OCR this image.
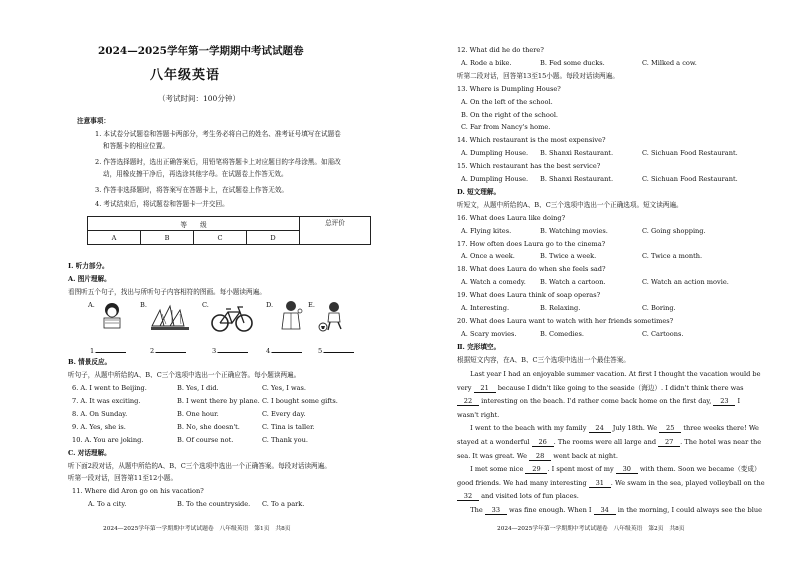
2024—2025学年第一学期期中考试试题卷
八年级英语
（考试时间：100分钟）
注意事项：
1. 本试卷分试题卷和答题卡两部分，考生务必将自己的姓名、准考证号填写在试题卷
和答题卡的相应位置。
2. 作答选择题时，选出正确答案后，用铅笔将答题卡上对应题目的字母涂黑。如需改
动，用橡皮擦干净后，再选涂其他字母。在试题卷上作答无效。
3. 作答非选择题时，将答案写在答题卡上，在试题卷上作答无效。
4. 考试结束后，将试题卷和答题卡一并交回。
等　　级				总评价
A	B	C	D	
Ⅰ. 听力部分。
A. 图片理解。
看图听五个句子，找出与所听句子内容相符的图画。每小题读两遍。
A.	B.	C.	D.	E.
1.	2.	3.	4.	5.
B. 情景反应。
听句子，从题中所给的A、B、C三个选项中选出一个正确应答。每小题读两遍。
6. A. I went to Beijing.	B. Yes, I did.	C. Yes, I was.
7. A. It was exciting.	B. I went there by plane. C. I bought some gifts.
8. A. On Sunday.	B. One hour.	C. Every day.
9. A. Yes, she is.	B. No, she doesn't.	C. Tina is taller.
10. A. You are joking.	B. Of course not.	C. Thank you.
C. 对话理解。
听下面2段对话，从题中所给的A、B、C三个选项中选出一个正确答案。每段对话读两遍。
听第一段对话，回答第11至12小题。
11. Where did Aron go on his vacation?
A. To a city.	B. To the countryside. C. To a park.
2024—2025学年第一学期期中考试试题卷　八年级英语　第1页　共8页
12. What did he do there?
A. Rode a bike.	B. Fed some ducks.	C. Milked a cow.
听第二段对话，回答第13至15小题。每段对话读两遍。
13. Where is Dumpling House?
A. On the left of the school.
B. On the right of the school.
C. Far from Nancy's home.
14. Which restaurant is the most expensive?
A. Dumpling House. B. Shanxi Restaurant.	C. Sichuan Food Restaurant.
15. Which restaurant has the best service?
A. Dumpling House. B. Shanxi Restaurant.	C. Sichuan Food Restaurant.
D. 短文理解。
听短文，从题中所给的A、B、C三个选项中选出一个正确选项。短文读两遍。
16. What does Laura like doing?
A. Flying kites.	B. Watching movies.	C. Going shopping.
17. How often does Laura go to the cinema?
A. Once a week.	B. Twice a week.	C. Twice a month.
18. What does Laura do when she feels sad?
A. Watch a comedy. B. Watch a cartoon.	C. Watch an action movie.
19. What does Laura think of soap operas?
A. Interesting.	B. Relaxing.	C. Boring.
20. What does Laura want to watch with her friends sometimes?
A. Scary movies.	B. Comedies.	C. Cartoons.
Ⅱ. 完形填空。
根据短文内容，在A、B、C三个选项中选出一个最佳答案。
　　Last year I had an enjoyable summer vacation. At first I thought the vacation would be
very 21 because I didn't like going to the seaside（海边）. I didn't think there was
22 interesting on the beach. I'd rather come back home on the first day, 23 I
wasn't right.
　　I went to the beach with my family 24 July 18th. We 25 three weeks there! We
stayed at a wonderful 26 . The rooms were all large and 27 . The hotel was near the
sea. It was great. We 28 went back at night.
　　I met some nice 29 . I spent most of my 30 with them. Soon we became（变成）
good friends. We had many interesting 31 . We swam in the sea, played volleyball on the
32 and visited lots of fun places.
　　The 33 was fine enough. When I 34 in the morning, I could always see the blue
2024—2025学年第一学期期中考试试题卷　八年级英语　第2页　共8页
